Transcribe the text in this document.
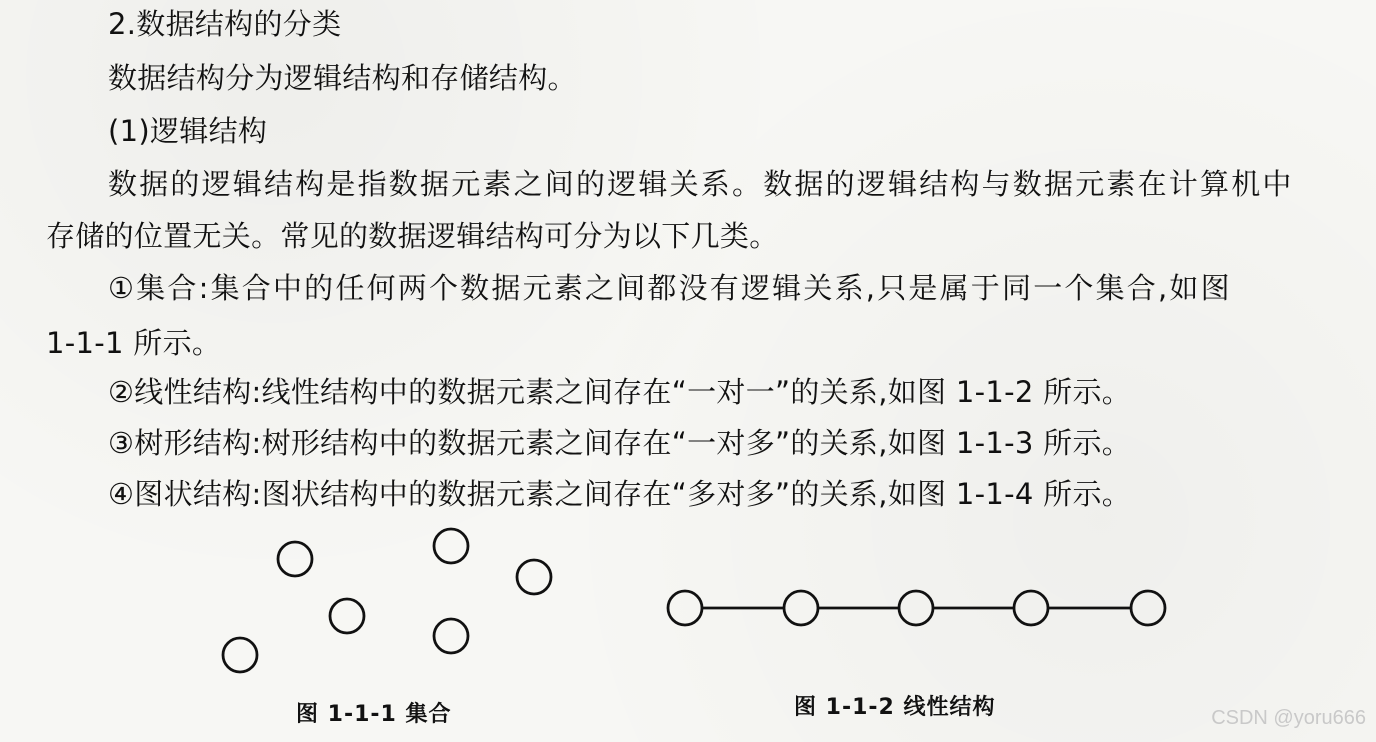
2.数据结构的分类
数据结构分为逻辑结构和存储结构。
(1)逻辑结构
数据的逻辑结构是指数据元素之间的逻辑关系。数据的逻辑结构与数据元素在计算机中
存储的位置无关。常见的数据逻辑结构可分为以下几类。
①集合:集合中的任何两个数据元素之间都没有逻辑关系,只是属于同一个集合,如图
1-1-1 所示。
②线性结构:线性结构中的数据元素之间存在“一对一”的关系,如图 1-1-2 所示。
③树形结构:树形结构中的数据元素之间存在“一对多”的关系,如图 1-1-3 所示。
④图状结构:图状结构中的数据元素之间存在“多对多”的关系,如图 1-1-4 所示。
图 1-1-1 集合	图 1-1-2 线性结构	CSDN @yoru666
